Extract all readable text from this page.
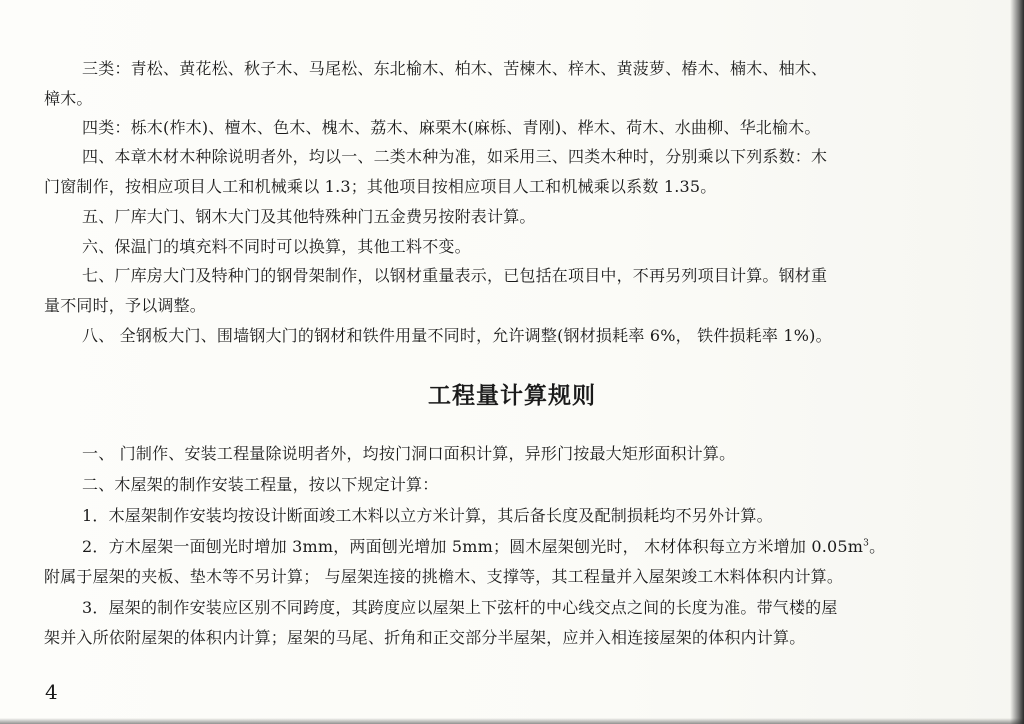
三类：青松、黄花松、秋子木、马尾松、东北榆木、柏木、苦楝木、梓木、黄菠萝、椿木、楠木、柚木、
樟木。
四类：栎木(柞木)、檀木、色木、槐木、荔木、麻栗木(麻栎、青刚)、桦木、荷木、水曲柳、华北榆木。
四、本章木材木种除说明者外，均以一、二类木种为准，如采用三、四类木种时，分别乘以下列系数：木
门窗制作，按相应项目人工和机械乘以 1.3；其他项目按相应项目人工和机械乘以系数 1.35。
五、厂库大门、钢木大门及其他特殊种门五金费另按附表计算。
六、保温门的填充料不同时可以换算，其他工料不变。
七、厂库房大门及特种门的钢骨架制作，以钢材重量表示，已包括在项目中，不再另列项目计算。钢材重
量不同时，予以调整。
八、 全钢板大门、围墙钢大门的钢材和铁件用量不同时，允许调整(钢材损耗率 6%， 铁件损耗率 1%)。
工程量计算规则
一、 门制作、安装工程量除说明者外，均按门洞口面积计算，异形门按最大矩形面积计算。
二、木屋架的制作安装工程量，按以下规定计算：
1．木屋架制作安装均按设计断面竣工木料以立方米计算，其后备长度及配制损耗均不另外计算。
2．方木屋架一面刨光时增加 3mm，两面刨光增加 5mm；圆木屋架刨光时， 木材体积每立方米增加 $0.05m^3$。
附属于屋架的夹板、垫木等不另计算； 与屋架连接的挑檐木、支撑等，其工程量并入屋架竣工木料体积内计算。
3．屋架的制作安装应区别不同跨度，其跨度应以屋架上下弦杆的中心线交点之间的长度为准。带气楼的屋
架并入所依附屋架的体积内计算；屋架的马尾、折角和正交部分半屋架，应并入相连接屋架的体积内计算。
4
